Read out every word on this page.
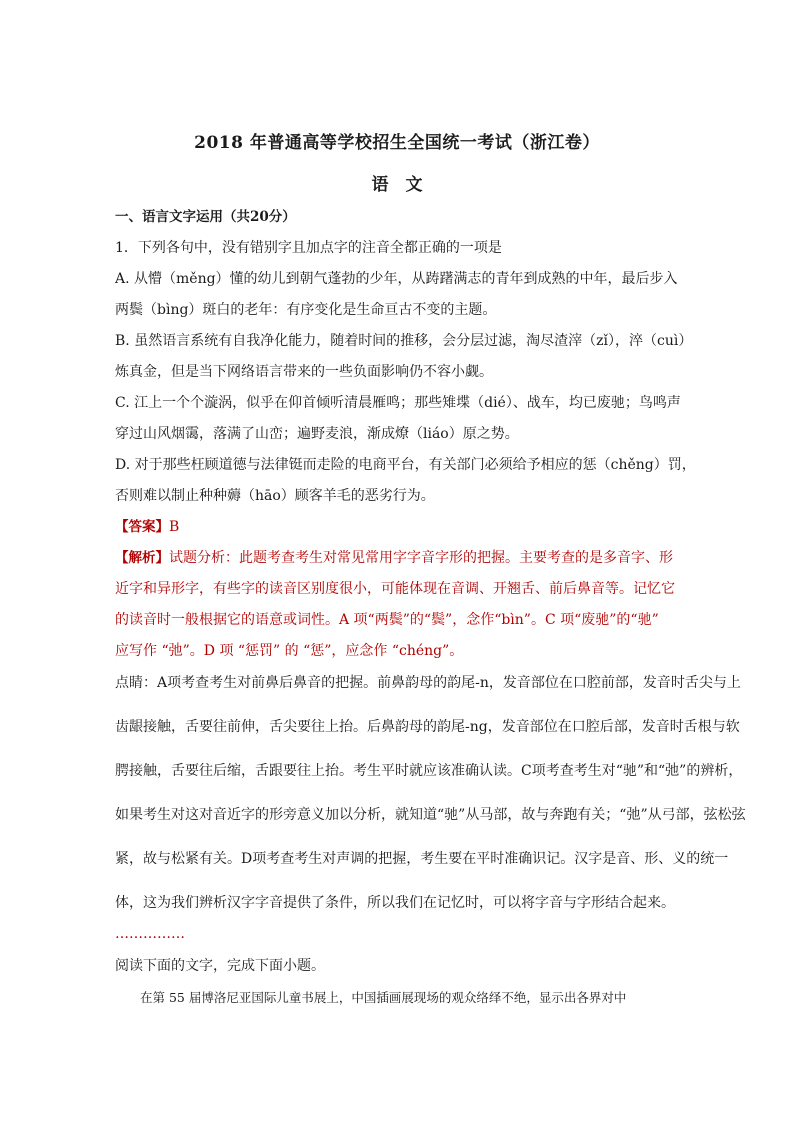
2018 年普通高等学校招生全国统一考试（浙江卷）
语　文
一、语言文字运用（共20分）
1．下列各句中，没有错别字且加点字的注音全都正确的一项是
A. 从懵（měng）懂的幼儿到朝气蓬勃的少年，从踌躇满志的青年到成熟的中年，最后步入
两鬓（bìng）斑白的老年：有序变化是生命亘古不变的主题。
B. 虽然语言系统有自我净化能力，随着时间的推移，会分层过滤，淘尽渣滓（zǐ），淬（cuì）
炼真金，但是当下网络语言带来的一些负面影响仍不容小觑。
C. 江上一个个漩涡，似乎在仰首倾听清晨雁鸣；那些雉堞（dié）、战车，均已废驰；鸟鸣声
穿过山风烟霭，落满了山峦；遍野麦浪，渐成燎（liáo）原之势。
D. 对于那些枉顾道德与法律铤而走险的电商平台，有关部门必须给予相应的惩（chěng）罚，
否则难以制止种种薅（hāo）顾客羊毛的恶劣行为。
【答案】B
【解析】试题分析：此题考查考生对常见常用字字音字形的把握。主要考查的是多音字、形
近字和异形字，有些字的读音区别度很小，可能体现在音调、开翘舌、前后鼻音等。记忆它
的读音时一般根据它的语意或词性。A 项“两鬓”的“鬓”，念作“bìn”。C 项“废驰”的“驰”
应写作 “弛”。D 项 “惩罚” 的 “惩”，应念作 “chéng”。
点睛：A项考查考生对前鼻后鼻音的把握。前鼻韵母的韵尾-n，发音部位在口腔前部，发音时舌尖与上
齿龈接触，舌要往前伸，舌尖要往上抬。后鼻韵母的韵尾-ng，发音部位在口腔后部，发音时舌根与软
腭接触，舌要往后缩，舌跟要往上抬。考生平时就应该准确认读。C项考查考生对“驰”和“弛”的辨析，
如果考生对这对音近字的形旁意义加以分析，就知道“驰”从马部，故与奔跑有关；“弛”从弓部，弦松弦
紧，故与松紧有关。D项考查考生对声调的把握，考生要在平时准确识记。汉字是音、形、义的统一
体，这为我们辨析汉字字音提供了条件，所以我们在记忆时，可以将字音与字形结合起来。
……………
阅读下面的文字，完成下面小题。
在第 55 届博洛尼亚国际儿童书展上，中国插画展现场的观众络绎不绝，显示出各界对中
